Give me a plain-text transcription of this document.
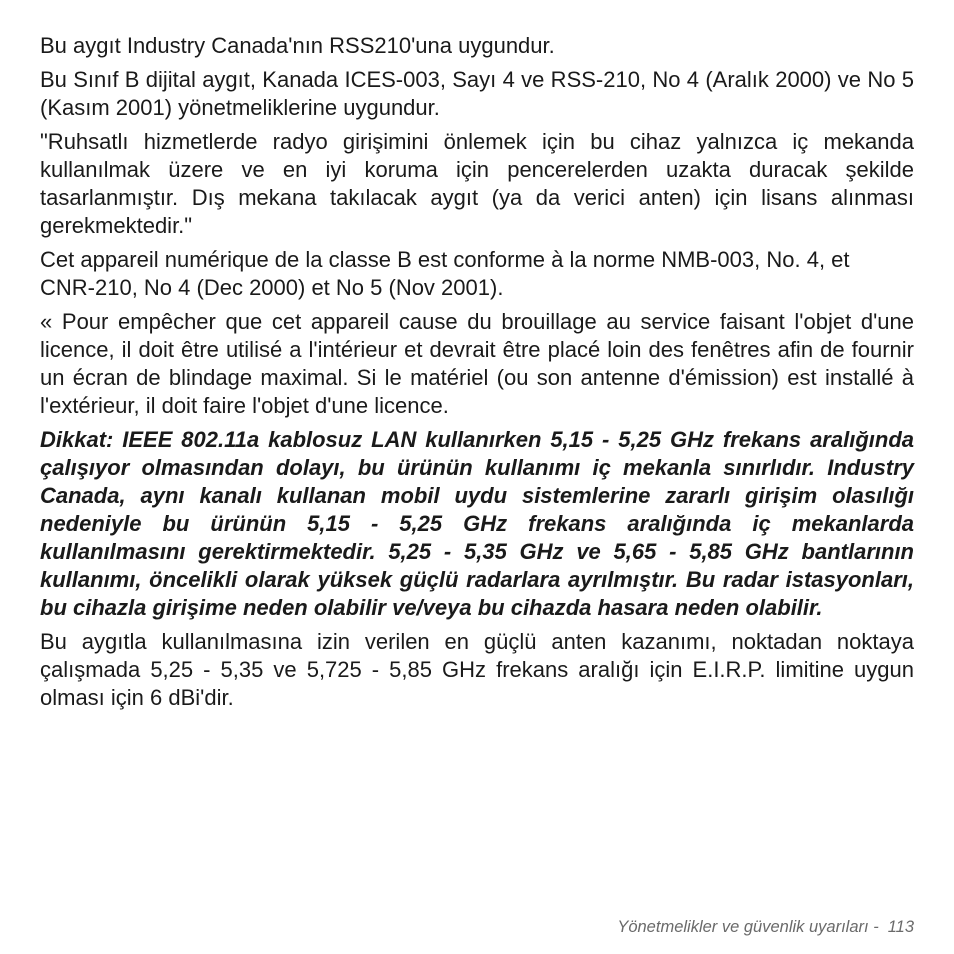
Bu aygıt Industry Canada'nın RSS210'una uygundur.

Bu Sınıf B dijital aygıt, Kanada ICES-003, Sayı 4 ve RSS-210, No 4 (Aralık 2000) ve No 5
(Kasım 2001) yönetmeliklerine uygundur.

"Ruhsatlı hizmetlerde radyo girişimini önlemek için bu cihaz yalnızca iç mekanda
kullanılmak üzere ve en iyi koruma için pencerelerden uzakta duracak şekilde
tasarlanmıştır. Dış mekana takılacak aygıt (ya da verici anten) için lisans alınması
gerekmektedir."

Cet appareil numérique de la classe B est conforme à la norme NMB-003, No. 4, et
CNR-210, No 4 (Dec 2000) et No 5 (Nov 2001).

« Pour empêcher que cet appareil cause du brouillage au service faisant l'objet d'une
licence, il doit être utilisé a l'intérieur et devrait être placé loin des fenêtres afin de fournir
un écran de blindage maximal. Si le matériel (ou son antenne d'émission) est installé à
l'extérieur, il doit faire l'objet d'une licence.

Dikkat: IEEE 802.11a kablosuz LAN kullanırken 5,15 - 5,25 GHz frekans aralığında
çalışıyor olmasından dolayı, bu ürünün kullanımı iç mekanla sınırlıdır. Industry
Canada, aynı kanalı kullanan mobil uydu sistemlerine zararlı girişim olasılığı
nedeniyle bu ürünün 5,15 - 5,25 GHz frekans aralığında iç mekanlarda
kullanılmasını gerektirmektedir. 5,25 - 5,35 GHz ve 5,65 - 5,85 GHz bantlarının
kullanımı, öncelikli olarak yüksek güçlü radarlara ayrılmıştır. Bu radar istasyonları,
bu cihazla girişime neden olabilir ve/veya bu cihazda hasara neden olabilir.

Bu aygıtla kullanılmasına izin verilen en güçlü anten kazanımı, noktadan noktaya
çalışmada 5,25 - 5,35 ve 5,725 - 5,85 GHz frekans aralığı için E.I.R.P. limitine uygun
olması için 6 dBi'dir.

Yönetmelikler ve güvenlik uyarıları - 113
